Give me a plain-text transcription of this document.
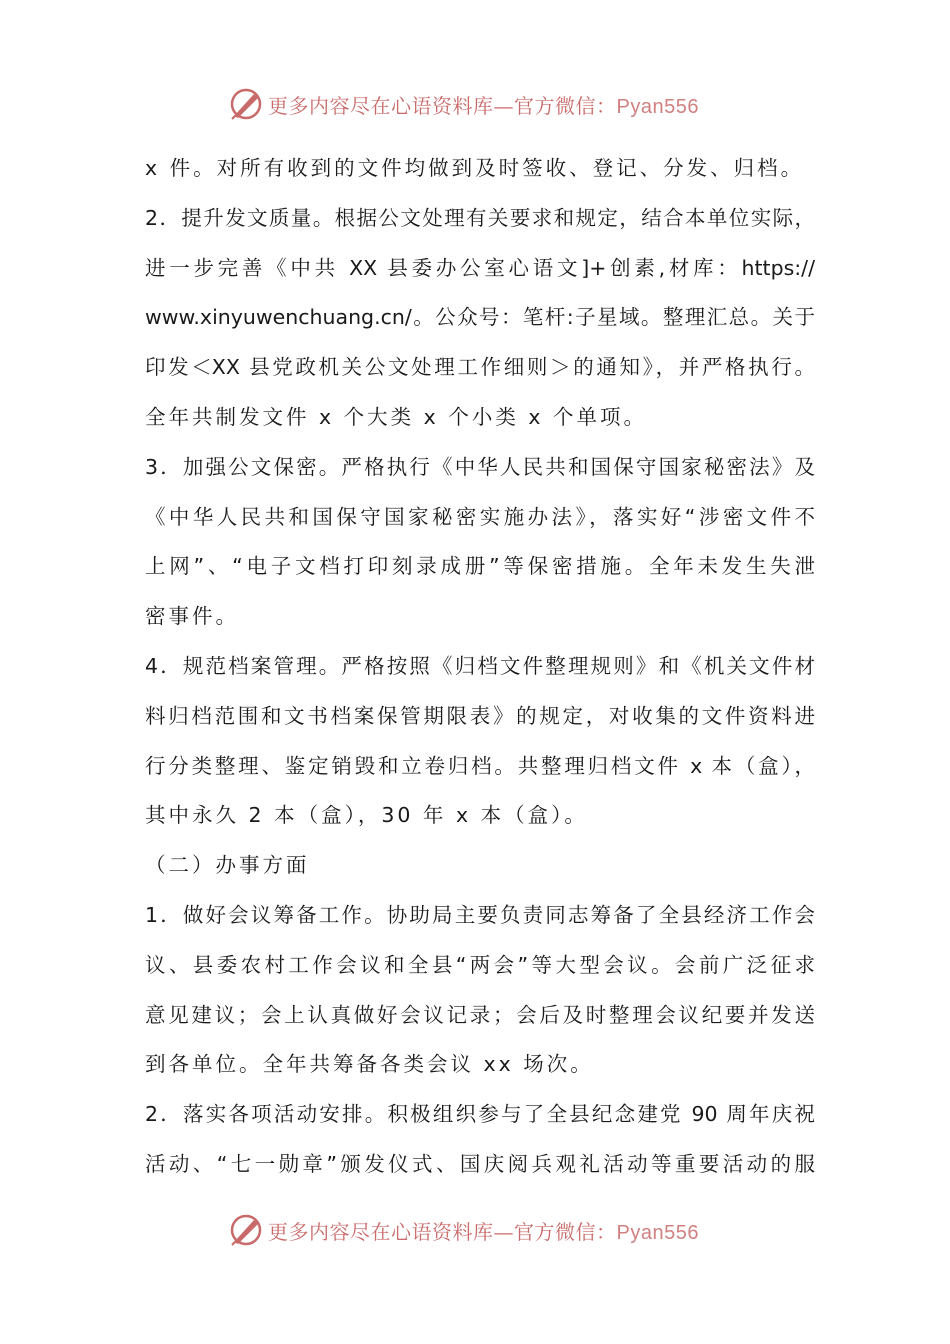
更多内容尽在心语资料库—官方微信：Pyan556
x 件。对所有收到的文件均做到及时签收、登记、分发、归档。
2．提升发文质量。根据公文处理有关要求和规定，结合本单位实际，
进一步完善《中共 XX 县委办公室心语文]+创素,材库：https://
www.xinyuwenchuang.cn/。公众号：笔杆:子星域。整理汇总。关于
印发＜XX 县党政机关公文处理工作细则＞的通知》，并严格执行。
全年共制发文件 x 个大类 x 个小类 x 个单项。
3．加强公文保密。严格执行《中华人民共和国保守国家秘密法》及
《中华人民共和国保守国家秘密实施办法》，落实好“涉密文件不
上网”、“电子文档打印刻录成册”等保密措施。全年未发生失泄
密事件。
4．规范档案管理。严格按照《归档文件整理规则》和《机关文件材
料归档范围和文书档案保管期限表》的规定，对收集的文件资料进
行分类整理、鉴定销毁和立卷归档。共整理归档文件 x 本（盒），
其中永久 2 本（盒），30 年 x 本（盒）。
（二）办事方面
1．做好会议筹备工作。协助局主要负责同志筹备了全县经济工作会
议、县委农村工作会议和全县“两会”等大型会议。会前广泛征求
意见建议；会上认真做好会议记录；会后及时整理会议纪要并发送
到各单位。全年共筹备各类会议 xx 场次。
2．落实各项活动安排。积极组织参与了全县纪念建党 90 周年庆祝
活动、“七一勋章”颁发仪式、国庆阅兵观礼活动等重要活动的服
更多内容尽在心语资料库—官方微信：Pyan556
